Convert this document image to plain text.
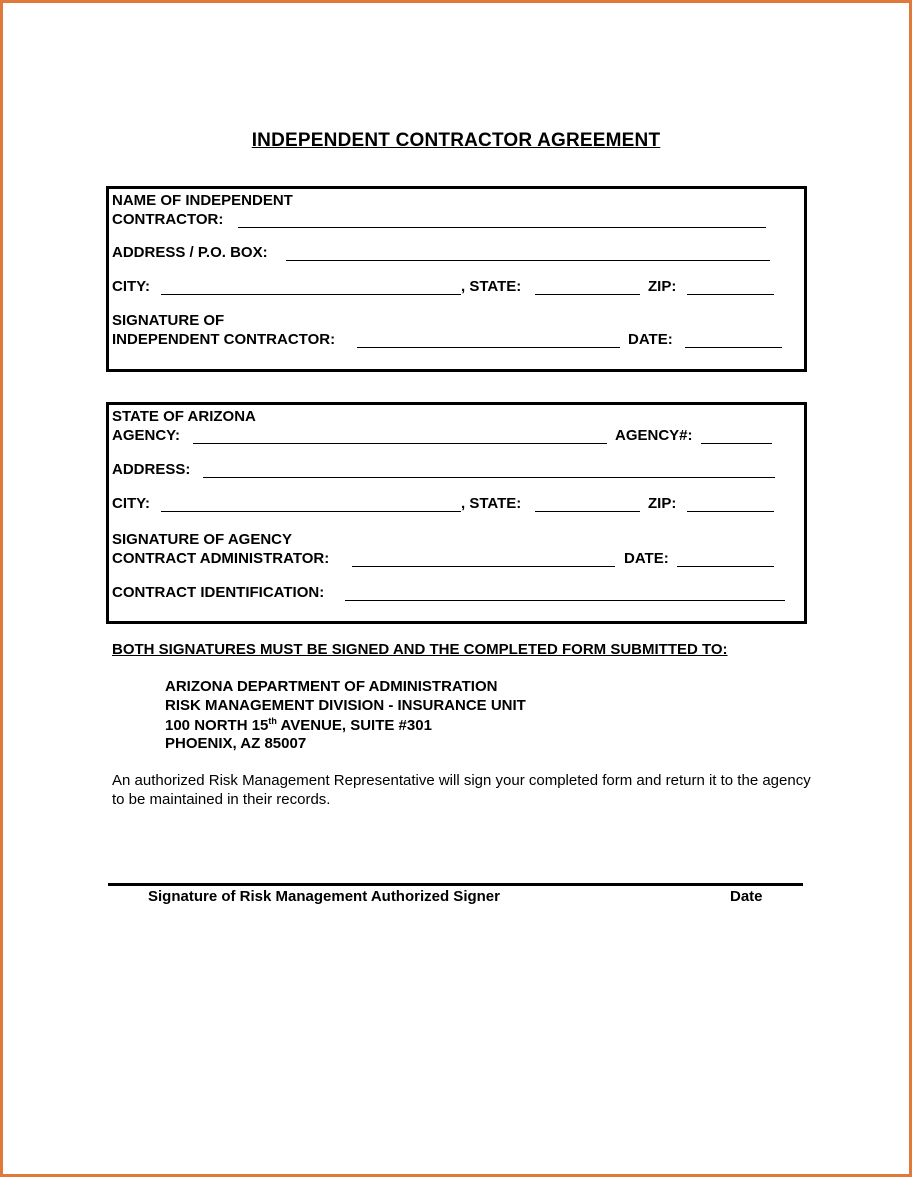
INDEPENDENT CONTRACTOR AGREEMENT
NAME OF INDEPENDENT
CONTRACTOR:
ADDRESS / P.O. BOX:
CITY:	, STATE:	ZIP:
SIGNATURE OF
INDEPENDENT CONTRACTOR:	DATE:
STATE OF ARIZONA
AGENCY:	AGENCY#:
ADDRESS:
CITY:	, STATE:	ZIP:
SIGNATURE OF AGENCY
CONTRACT ADMINISTRATOR:	DATE:
CONTRACT IDENTIFICATION:
BOTH SIGNATURES MUST BE SIGNED AND THE COMPLETED FORM SUBMITTED TO:
ARIZONA DEPARTMENT OF ADMINISTRATION
RISK MANAGEMENT DIVISION - INSURANCE UNIT
100 NORTH 15th AVENUE, SUITE #301
PHOENIX, AZ 85007
An authorized Risk Management Representative will sign your completed form and return it to the agency to be maintained in their records.
Signature of Risk Management Authorized Signer	Date
